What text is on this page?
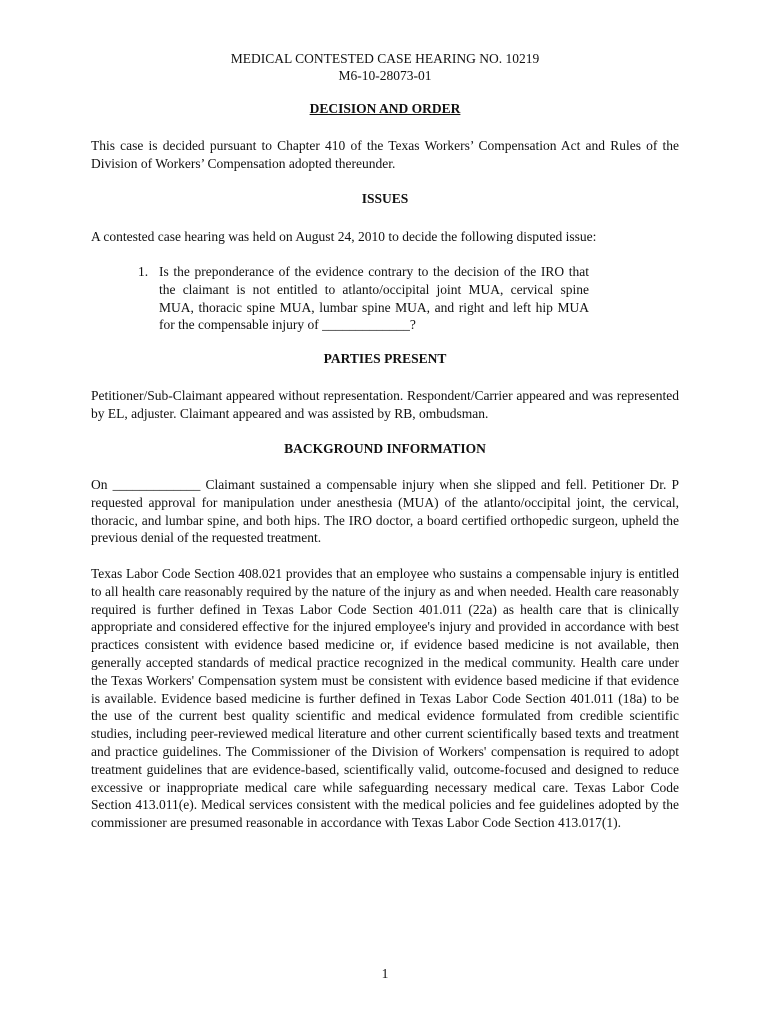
MEDICAL CONTESTED CASE HEARING NO. 10219
M6-10-28073-01
DECISION AND ORDER
This case is decided pursuant to Chapter 410 of the Texas Workers’ Compensation Act and Rules of the Division of Workers’ Compensation adopted thereunder.
ISSUES
A contested case hearing was held on August 24, 2010 to decide the following disputed issue:
1. Is the preponderance of the evidence contrary to the decision of the IRO that the claimant is not entitled to atlanto/occipital joint MUA, cervical spine MUA, thoracic spine MUA, lumbar spine MUA, and right and left hip MUA for the compensable injury of _____________?
PARTIES PRESENT
Petitioner/Sub-Claimant appeared without representation. Respondent/Carrier appeared and was represented by EL, adjuster. Claimant appeared and was assisted by RB, ombudsman.
BACKGROUND INFORMATION
On _____________ Claimant sustained a compensable injury when she slipped and fell. Petitioner Dr. P requested approval for manipulation under anesthesia (MUA) of the atlanto/occipital joint, the cervical, thoracic, and lumbar spine, and both hips. The IRO doctor, a board certified orthopedic surgeon, upheld the previous denial of the requested treatment.
Texas Labor Code Section 408.021 provides that an employee who sustains a compensable injury is entitled to all health care reasonably required by the nature of the injury as and when needed. Health care reasonably required is further defined in Texas Labor Code Section 401.011 (22a) as health care that is clinically appropriate and considered effective for the injured employee's injury and provided in accordance with best practices consistent with evidence based medicine or, if evidence based medicine is not available, then generally accepted standards of medical practice recognized in the medical community. Health care under the Texas Workers' Compensation system must be consistent with evidence based medicine if that evidence is available. Evidence based medicine is further defined in Texas Labor Code Section 401.011 (18a) to be the use of the current best quality scientific and medical evidence formulated from credible scientific studies, including peer-reviewed medical literature and other current scientifically based texts and treatment and practice guidelines. The Commissioner of the Division of Workers' compensation is required to adopt treatment guidelines that are evidence-based, scientifically valid, outcome-focused and designed to reduce excessive or inappropriate medical care while safeguarding necessary medical care. Texas Labor Code Section 413.011(e). Medical services consistent with the medical policies and fee guidelines adopted by the commissioner are presumed reasonable in accordance with Texas Labor Code Section 413.017(1).
1
